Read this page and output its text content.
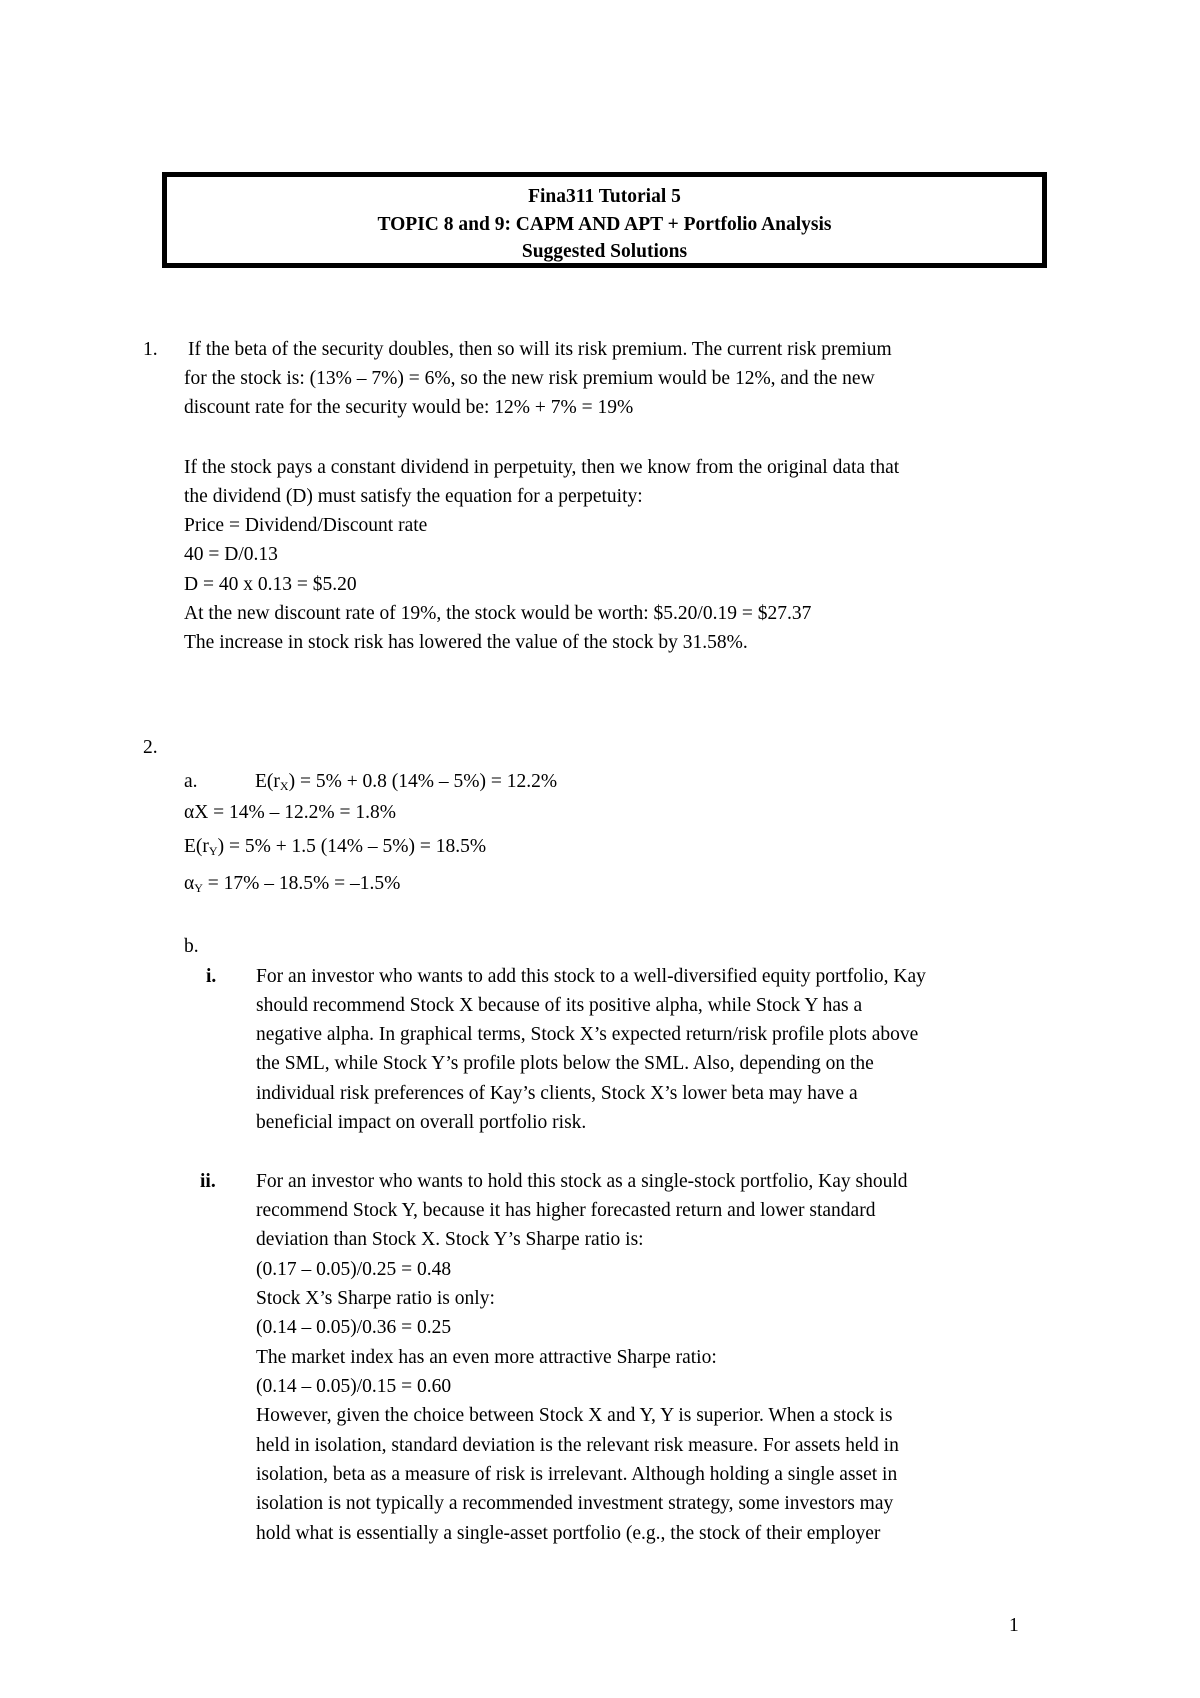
Fina311 Tutorial 5
TOPIC 8 and 9: CAPM AND APT + Portfolio Analysis
Suggested Solutions
1. If the beta of the security doubles, then so will its risk premium. The current risk premium
for the stock is: (13% – 7%) = 6%, so the new risk premium would be 12%, and the new
discount rate for the security would be: 12% + 7% = 19%
If the stock pays a constant dividend in perpetuity, then we know from the original data that
the dividend (D) must satisfy the equation for a perpetuity:
Price = Dividend/Discount rate
40 = D/0.13
D = 40 x 0.13 = $5.20
At the new discount rate of 19%, the stock would be worth: $5.20/0.19 = $27.37
The increase in stock risk has lowered the value of the stock by 31.58%.
2.
a.	$E(r_X) = 5\% + 0.8$ (14% – 5%) = 12.2%
αX = 14% – 12.2% = 1.8%
$E(r_Y) = 5\% + 1.5$ (14% – 5%) = 18.5%
$\alpha_Y = 17\% - 18.5\% = -1.5\%$
b.
i. For an investor who wants to add this stock to a well-diversified equity portfolio, Kay
should recommend Stock X because of its positive alpha, while Stock Y has a
negative alpha. In graphical terms, Stock X’s expected return/risk profile plots above
the SML, while Stock Y’s profile plots below the SML. Also, depending on the
individual risk preferences of Kay’s clients, Stock X’s lower beta may have a
beneficial impact on overall portfolio risk.
ii. For an investor who wants to hold this stock as a single-stock portfolio, Kay should
recommend Stock Y, because it has higher forecasted return and lower standard
deviation than Stock X. Stock Y’s Sharpe ratio is:
(0.17 – 0.05)/0.25 = 0.48
Stock X’s Sharpe ratio is only:
(0.14 – 0.05)/0.36 = 0.25
The market index has an even more attractive Sharpe ratio:
(0.14 – 0.05)/0.15 = 0.60
However, given the choice between Stock X and Y, Y is superior. When a stock is
held in isolation, standard deviation is the relevant risk measure. For assets held in
isolation, beta as a measure of risk is irrelevant. Although holding a single asset in
isolation is not typically a recommended investment strategy, some investors may
hold what is essentially a single-asset portfolio (e.g., the stock of their employer
1
